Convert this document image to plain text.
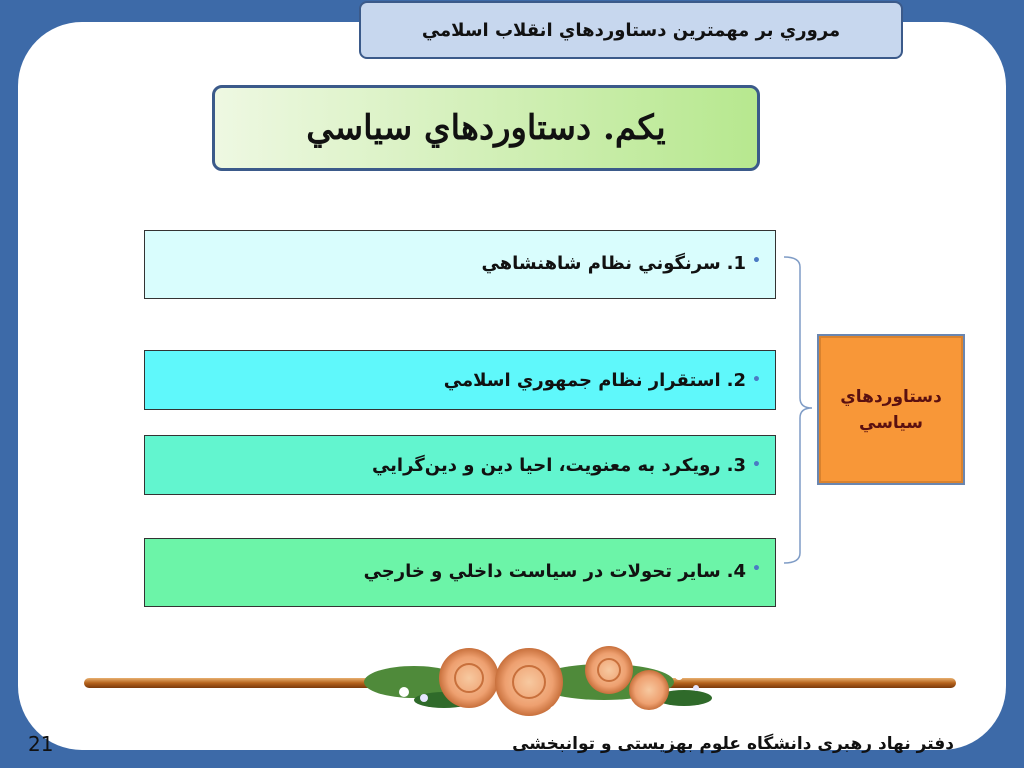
مروري بر مهمترين دستاوردهاي انقلاب اسلامي
يكم. دستاوردهاي سياسي
•
1.
سرنگوني نظام شاهنشاهي
•
2.
استقرار نظام جمهوري اسلامي
•
3.
رويكرد به معنويت، احيا دين و دين‌گرايي
•
4.
ساير تحولات در سياست داخلي و خارجي
دستاوردهاي
سياسي
دفتر نهاد رهبری دانشگاه علوم بهزیستی و توانبخشی
21
